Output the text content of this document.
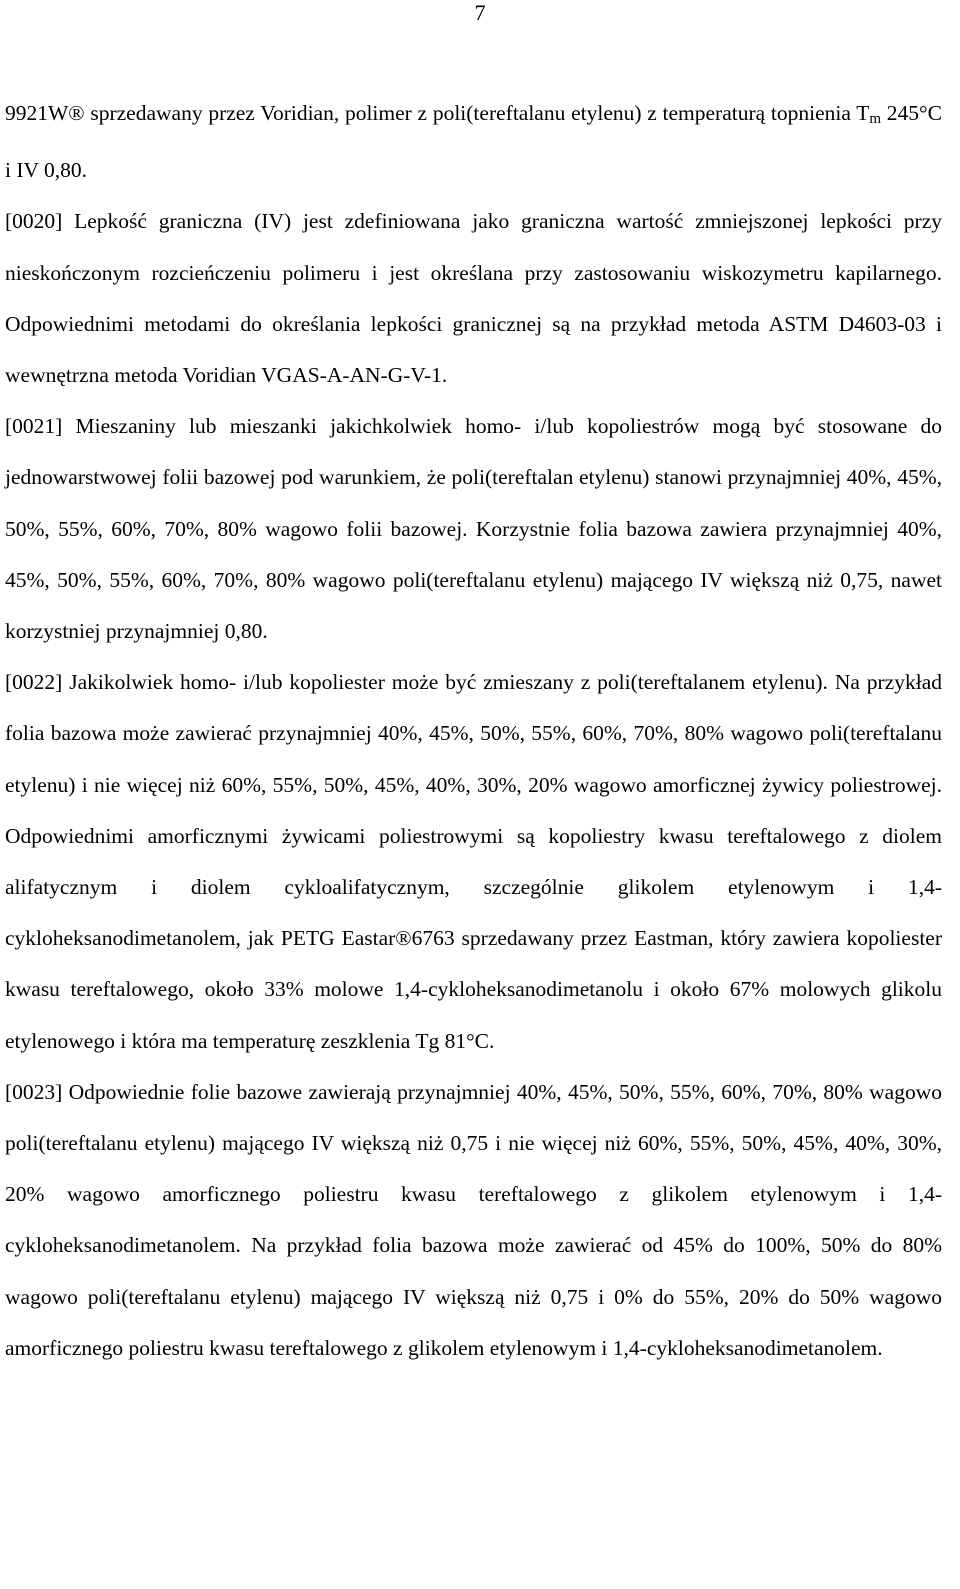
7

9921W® sprzedawany przez Voridian, polimer z poli(tereftalanu etylenu) z temperaturą topnienia $T_m$ 245°C i IV 0,80.

[0020] Lepkość graniczna (IV) jest zdefiniowana jako graniczna wartość zmniejszonej lepkości przy nieskończonym rozcieńczeniu polimeru i jest określana przy zastosowaniu wiskozymetru kapilarnego. Odpowiednimi metodami do określania lepkości granicznej są na przykład metoda ASTM D4603-03 i wewnętrzna metoda Voridian VGAS-A-AN-G-V-1.

[0021] Mieszaniny lub mieszanki jakichkolwiek homo- i/lub kopoliestrów mogą być stosowane do jednowarstwowej folii bazowej pod warunkiem, że poli(tereftalan etylenu) stanowi przynajmniej 40%, 45%, 50%, 55%, 60%, 70%, 80% wagowo folii bazowej. Korzystnie folia bazowa zawiera przynajmniej 40%, 45%, 50%, 55%, 60%, 70%, 80% wagowo poli(tereftalanu etylenu) mającego IV większą niż 0,75, nawet korzystniej przynajmniej 0,80.

[0022] Jakikolwiek homo- i/lub kopoliester może być zmieszany z poli(tereftalanem etylenu). Na przykład folia bazowa może zawierać przynajmniej 40%, 45%, 50%, 55%, 60%, 70%, 80% wagowo poli(tereftalanu etylenu) i nie więcej niż 60%, 55%, 50%, 45%, 40%, 30%, 20% wagowo amorficznej żywicy poliestrowej. Odpowiednimi amorficznymi żywicami poliestrowymi są kopoliestry kwasu tereftalowego z diolem alifatycznym i diolem cykloalifatycznym, szczególnie glikolem etylenowym i 1,4-cykloheksanodimetanolem, jak PETG Eastar®6763 sprzedawany przez Eastman, który zawiera kopoliester kwasu tereftalowego, około 33% molowe 1,4-cykloheksanodimetanolu i około 67% molowych glikolu etylenowego i która ma temperaturę zeszklenia Tg 81°C.

[0023] Odpowiednie folie bazowe zawierają przynajmniej 40%, 45%, 50%, 55%, 60%, 70%, 80% wagowo poli(tereftalanu etylenu) mającego IV większą niż 0,75 i nie więcej niż 60%, 55%, 50%, 45%, 40%, 30%, 20% wagowo amorficznego poliestru kwasu tereftalowego z glikolem etylenowym i 1,4-cykloheksanodimetanolem. Na przykład folia bazowa może zawierać od 45% do 100%, 50% do 80% wagowo poli(tereftalanu etylenu) mającego IV większą niż 0,75 i 0% do 55%, 20% do 50% wagowo amorficznego poliestru kwasu tereftalowego z glikolem etylenowym i 1,4-cykloheksanodimetanolem.
